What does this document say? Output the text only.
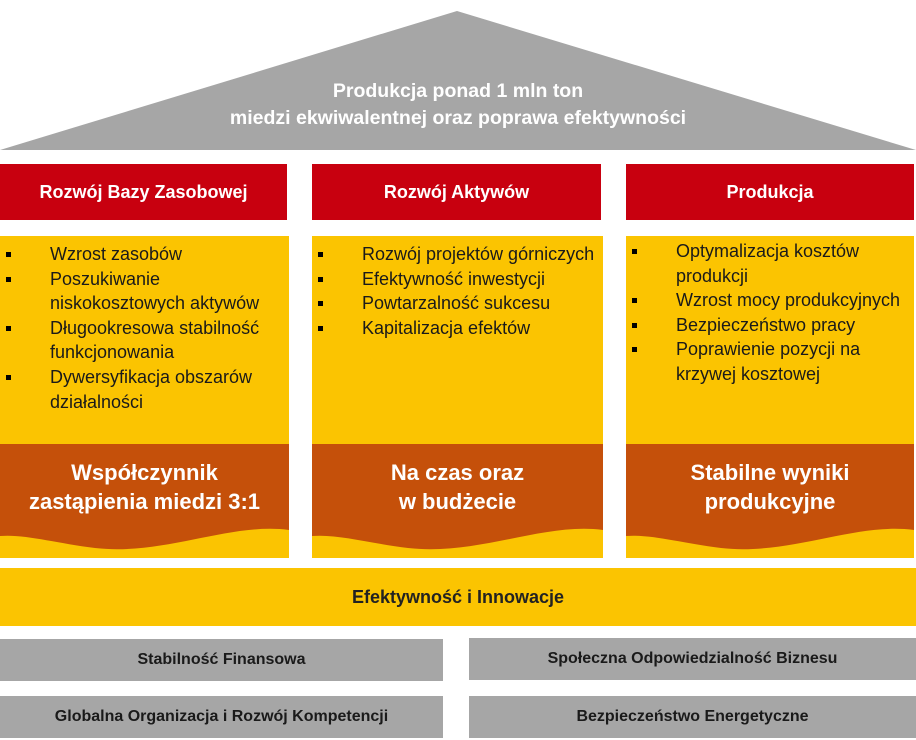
Produkcja ponad 1 mln ton
miedzi ekwiwalentnej oraz poprawa efektywności
Rozwój Bazy Zasobowej
Wzrost zasobów
Poszukiwanie niskokosztowych aktywów
Długookresowa stabilność funkcjonowania
Dywersyfikacja obszarów działalności
Współczynnik
zastąpienia miedzi 3:1
Rozwój Aktywów
Rozwój projektów górniczych
Efektywność inwestycji
Powtarzalność sukcesu
Kapitalizacja efektów
Na czas oraz
w budżecie
Produkcja
Optymalizacja kosztów produkcji
Wzrost mocy produkcyjnych
Bezpieczeństwo pracy
Poprawienie pozycji na krzywej kosztowej
Stabilne wyniki
produkcyjne
Efektywność i Innowacje
Stabilność Finansowa	Społeczna Odpowiedzialność Biznesu
Globalna Organizacja i Rozwój Kompetencji	Bezpieczeństwo Energetyczne
